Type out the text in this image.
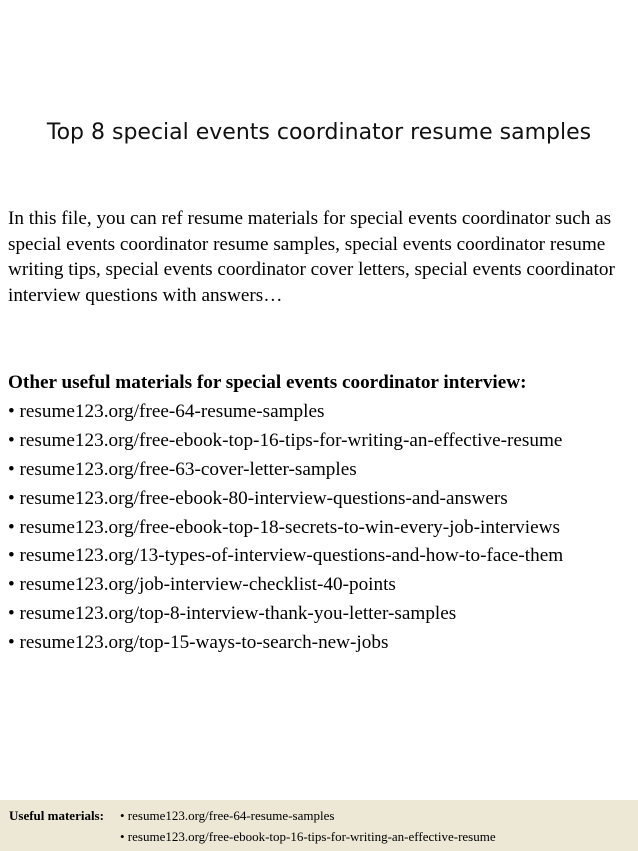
Top 8 special events coordinator resume samples
In this file, you can ref resume materials for special events coordinator such as special events coordinator resume samples, special events coordinator resume writing tips, special events coordinator cover letters, special events coordinator interview questions with answers…
Other useful materials for special events coordinator interview:
• resume123.org/free-64-resume-samples
• resume123.org/free-ebook-top-16-tips-for-writing-an-effective-resume
• resume123.org/free-63-cover-letter-samples
• resume123.org/free-ebook-80-interview-questions-and-answers
• resume123.org/free-ebook-top-18-secrets-to-win-every-job-interviews
• resume123.org/13-types-of-interview-questions-and-how-to-face-them
• resume123.org/job-interview-checklist-40-points
• resume123.org/top-8-interview-thank-you-letter-samples
• resume123.org/top-15-ways-to-search-new-jobs
Useful materials: • resume123.org/free-64-resume-samples
• resume123.org/free-ebook-top-16-tips-for-writing-an-effective-resume
